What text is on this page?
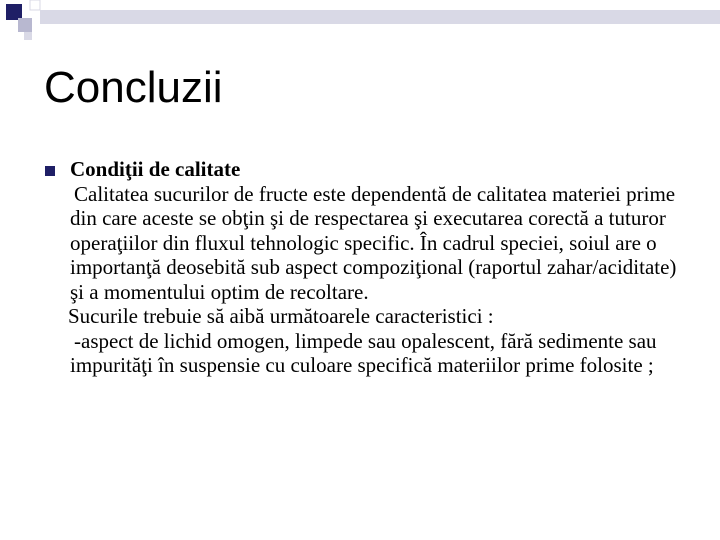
Concluzii
Condiţii de calitate

Calitatea sucurilor de fructe este dependentă de calitatea materiei prime din care aceste se obţin şi de respectarea şi executarea corectă a tuturor operaţiilor din fluxul tehnologic specific. În cadrul speciei, soiul are o importanţă deosebită sub aspect compoziţional (raportul zahar/aciditate) şi a momentului optim de recoltare.

Sucurile trebuie să aibă următoarele caracteristici :

-aspect de lichid omogen, limpede sau opalescent, fără sedimente sau impurităţi în suspensie cu culoare specifică materiilor prime folosite ;
